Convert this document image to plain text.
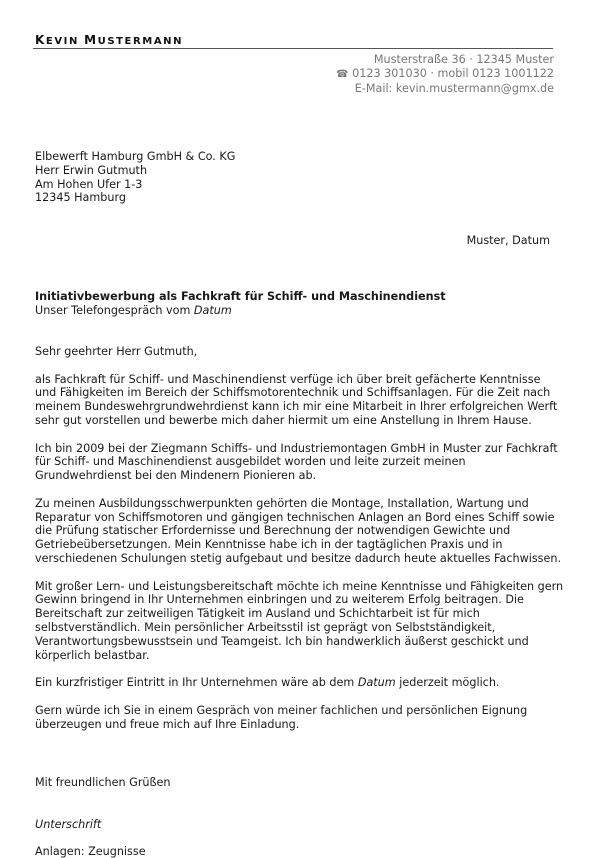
KEVIN MUSTERMANN
Musterstraße 36 · 12345 Muster
☎ 0123 301030 · mobil 0123 1001122
E-Mail: kevin.mustermann@gmx.de
Elbewerft Hamburg GmbH & Co. KG
Herr Erwin Gutmuth
Am Hohen Ufer 1-3
12345 Hamburg
Muster, Datum
Initiativbewerbung als Fachkraft für Schiff- und Maschinendienst
Unser Telefongespräch vom Datum

Sehr geehrter Herr Gutmuth,

als Fachkraft für Schiff- und Maschinendienst verfüge ich über breit gefächerte Kenntnisse und Fähigkeiten im Bereich der Schiffsmotorentechnik und Schiffsanlagen. Für die Zeit nach meinem Bundeswehrgrundwehrdienst kann ich mir eine Mitarbeit in Ihrer erfolgreichen Werft sehr gut vorstellen und bewerbe mich daher hiermit um eine Anstellung in Ihrem Hause.

Ich bin 2009 bei der Ziegmann Schiffs- und Industriemontagen GmbH in Muster zur Fachkraft für Schiff- und Maschinendienst ausgebildet worden und leite zurzeit meinen Grundwehrdienst bei den Mindenern Pionieren ab.

Zu meinen Ausbildungsschwerpunkten gehörten die Montage, Installation, Wartung und Reparatur von Schiffsmotoren und gängigen technischen Anlagen an Bord eines Schiff sowie die Prüfung statischer Erfordernisse und Berechnung der notwendigen Gewichte und Getriebeübersetzungen. Mein Kenntnisse habe ich in der tagtäglichen Praxis und in verschiedenen Schulungen stetig aufgebaut und besitze dadurch heute aktuelles Fachwissen.

Mit großer Lern- und Leistungsbereitschaft möchte ich meine Kenntnisse und Fähigkeiten gern Gewinn bringend in Ihr Unternehmen einbringen und zu weiterem Erfolg beitragen. Die Bereitschaft zur zeitweiligen Tätigkeit im Ausland und Schichtarbeit ist für mich selbstverständlich. Mein persönlicher Arbeitsstil ist geprägt von Selbstständigkeit, Verantwortungsbewusstsein und Teamgeist. Ich bin handwerklich äußerst geschickt und körperlich belastbar.

Ein kurzfristiger Eintritt in Ihr Unternehmen wäre ab dem Datum jederzeit möglich.

Gern würde ich Sie in einem Gespräch von meiner fachlichen und persönlichen Eignung überzeugen und freue mich auf Ihre Einladung.

Mit freundlichen Grüßen
Unterschrift
Anlagen: Zeugnisse
